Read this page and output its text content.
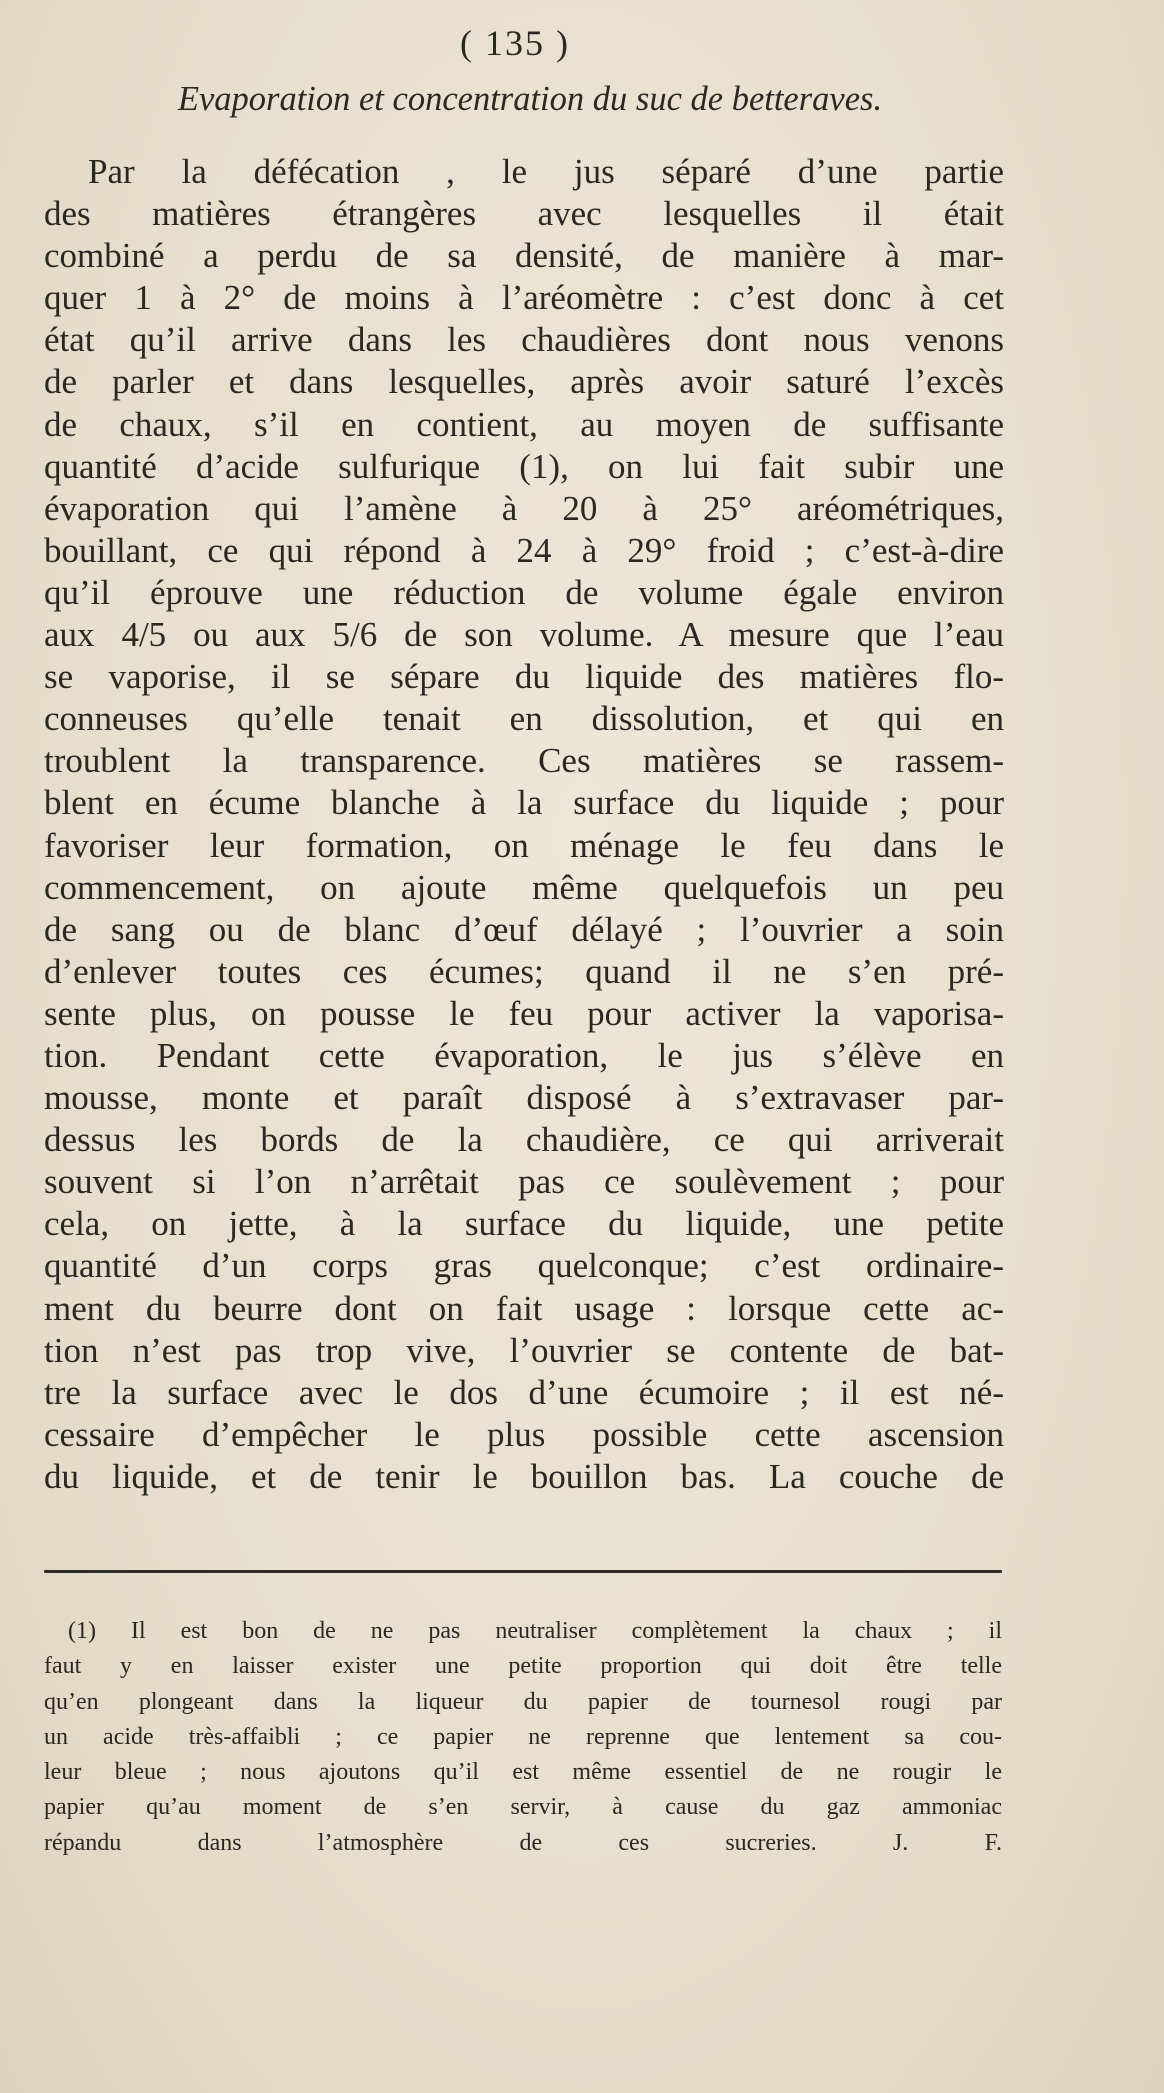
( 135 )
Evaporation et concentration du suc de betteraves.
Par la défécation , le jus séparé d’une partie
des matières étrangères avec lesquelles il était
combiné a perdu de sa densité, de manière à mar-
quer 1 à 2° de moins à l’aréomètre : c’est donc à cet
état qu’il arrive dans les chaudières dont nous venons
de parler et dans lesquelles, après avoir saturé l’excès
de chaux, s’il en contient, au moyen de suffisante
quantité d’acide sulfurique (1), on lui fait subir une
évaporation qui l’amène à 20 à 25° aréométriques,
bouillant, ce qui répond à 24 à 29° froid ; c’est-à-dire
qu’il éprouve une réduction de volume égale environ
aux 4/5 ou aux 5/6 de son volume. A mesure que l’eau
se vaporise, il se sépare du liquide des matières flo-
conneuses qu’elle tenait en dissolution, et qui en
troublent la transparence. Ces matières se rassem-
blent en écume blanche à la surface du liquide ; pour
favoriser leur formation, on ménage le feu dans le
commencement, on ajoute même quelquefois un peu
de sang ou de blanc d’œuf délayé ; l’ouvrier a soin
d’enlever toutes ces écumes; quand il ne s’en pré-
sente plus, on pousse le feu pour activer la vaporisa-
tion. Pendant cette évaporation, le jus s’élève en
mousse, monte et paraît disposé à s’extravaser par-
dessus les bords de la chaudière, ce qui arriverait
souvent si l’on n’arrêtait pas ce soulèvement ; pour
cela, on jette, à la surface du liquide, une petite
quantité d’un corps gras quelconque; c’est ordinaire-
ment du beurre dont on fait usage : lorsque cette ac-
tion n’est pas trop vive, l’ouvrier se contente de bat-
tre la surface avec le dos d’une écumoire ; il est né-
cessaire d’empêcher le plus possible cette ascension
du liquide, et de tenir le bouillon bas. La couche de
(1) Il est bon de ne pas neutraliser complètement la chaux ; il
faut y en laisser exister une petite proportion qui doit être telle
qu’en plongeant dans la liqueur du papier de tournesol rougi par
un acide très-affaibli ; ce papier ne reprenne que lentement sa cou-
leur bleue ; nous ajoutons qu’il est même essentiel de ne rougir le
papier qu’au moment de s’en servir, à cause du gaz ammoniac
répandu dans l’atmosphère de ces sucreries. J. F.
